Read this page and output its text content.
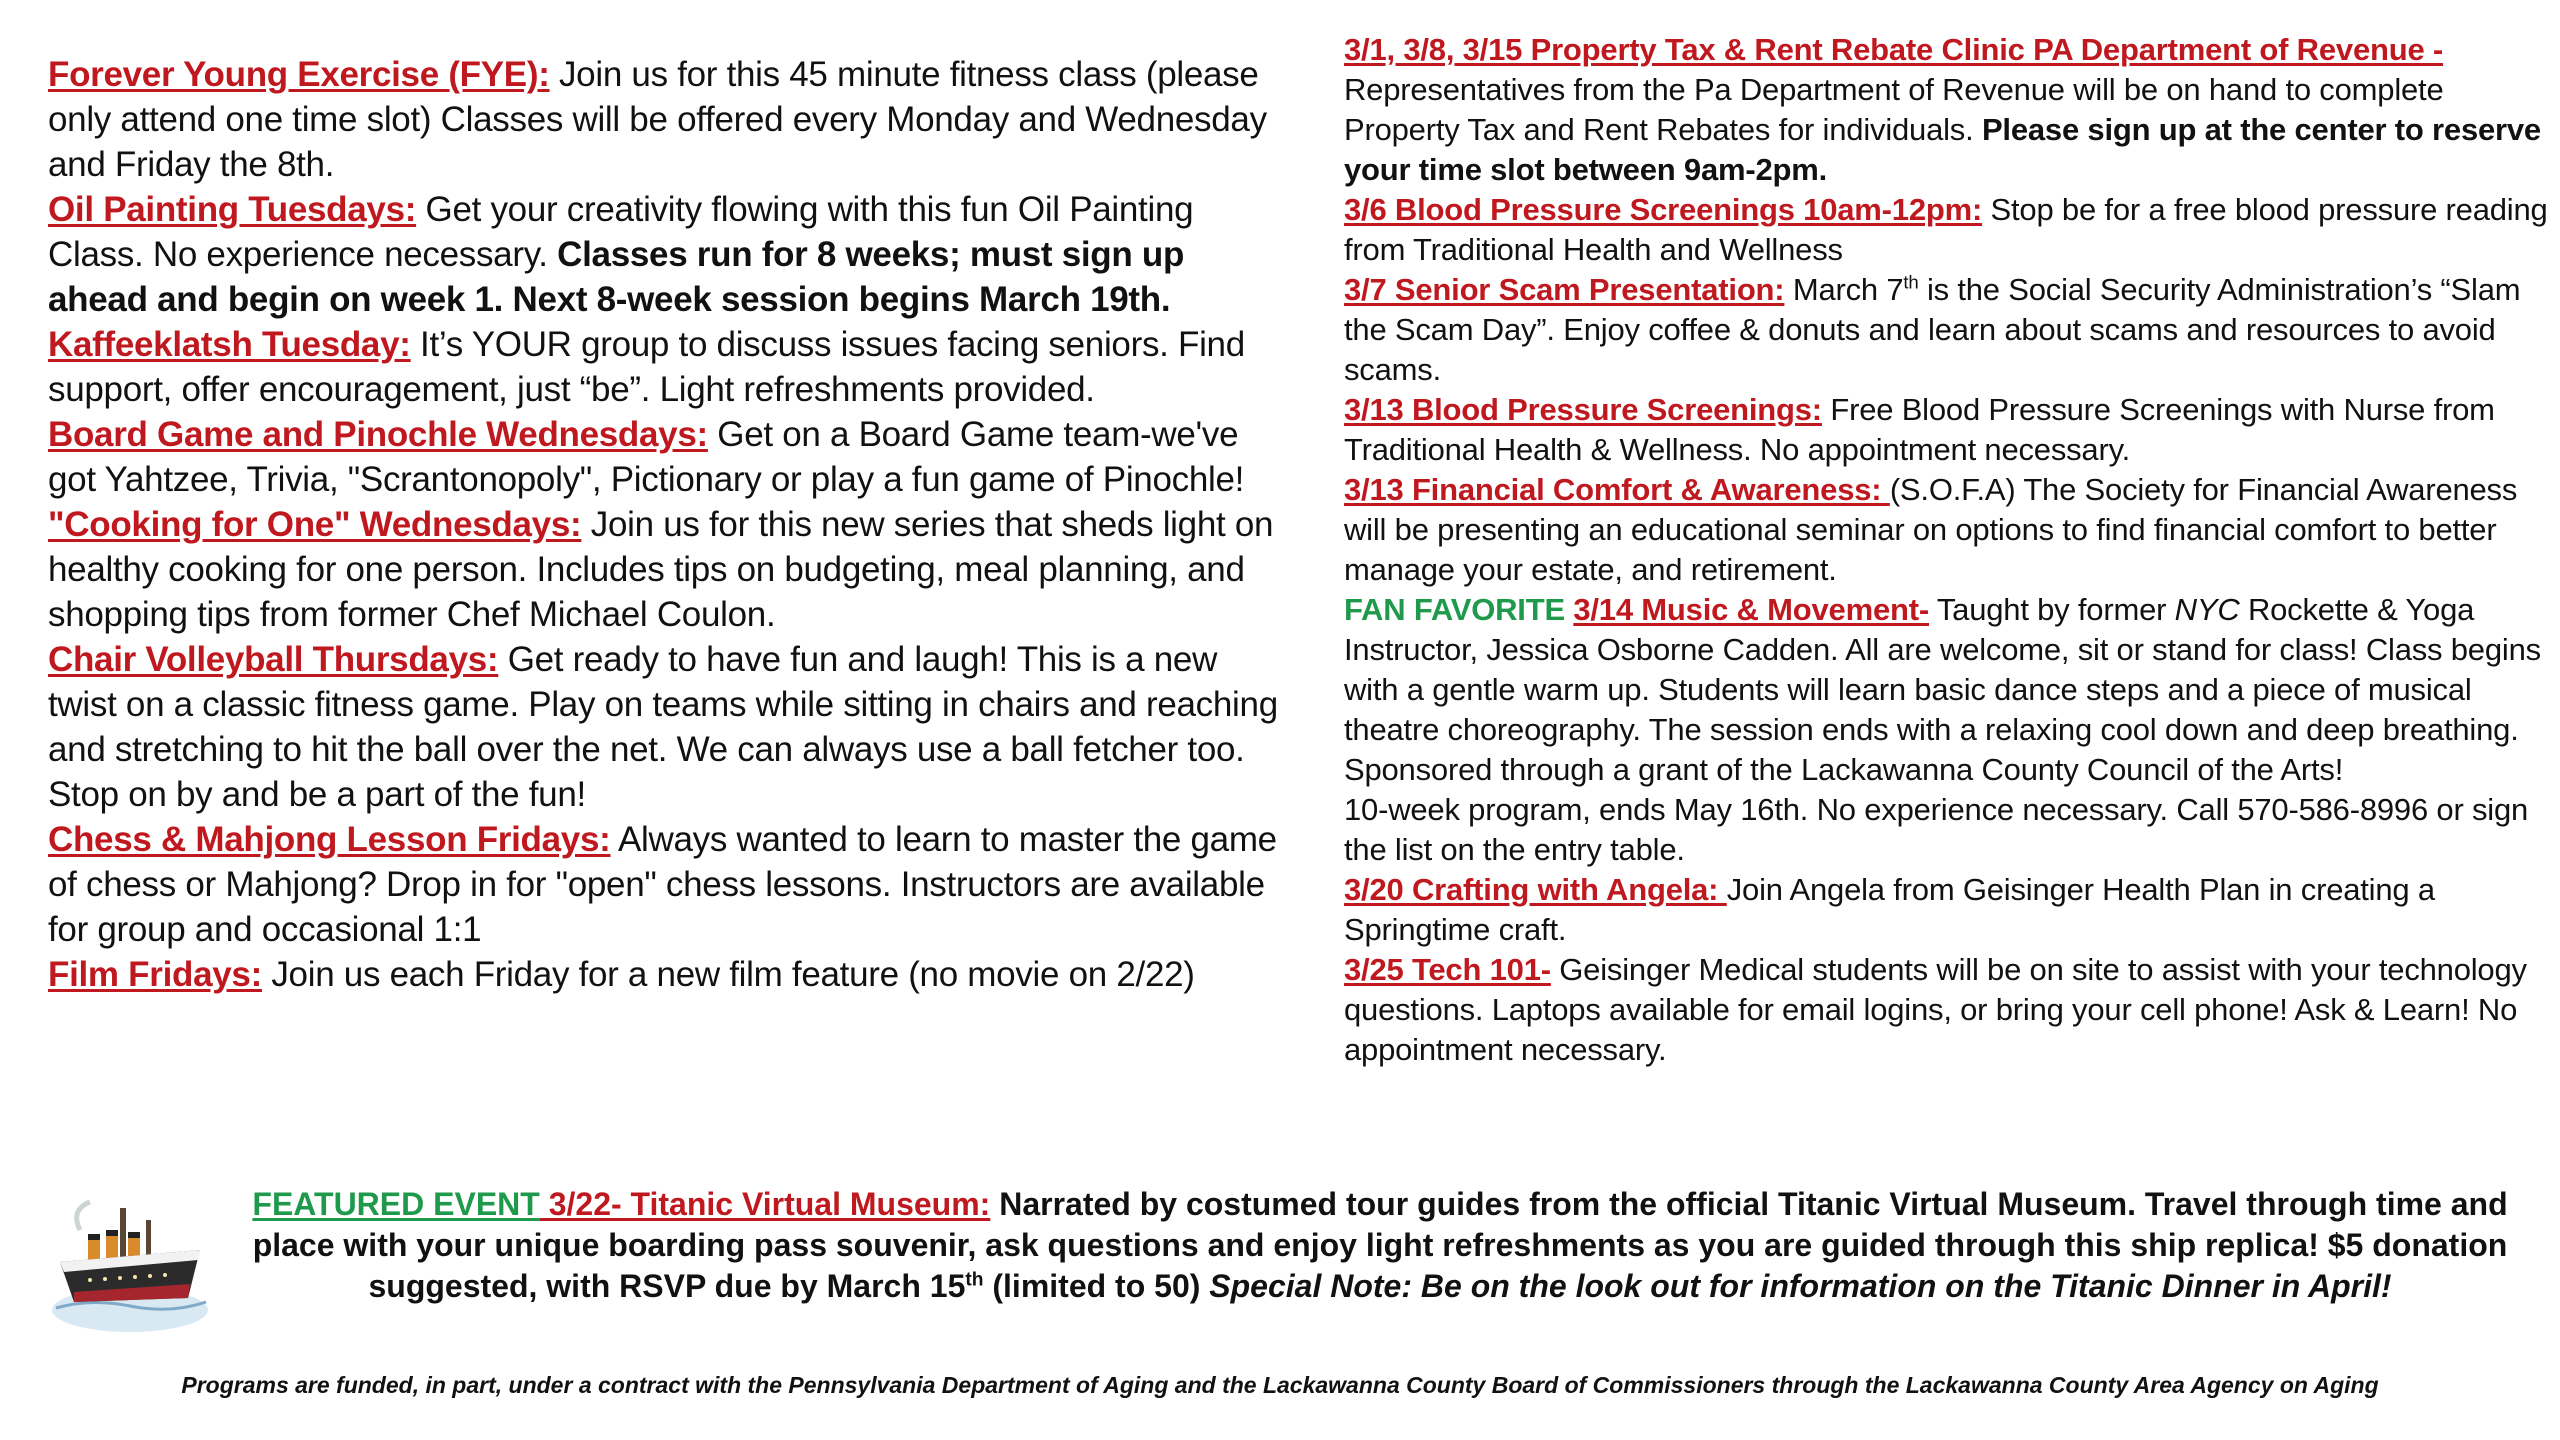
Forever Young Exercise (FYE): Join us for this 45 minute fitness class (please only attend one time slot) Classes will be offered every Monday and Wednesday and Friday the 8th.

Oil Painting Tuesdays: Get your creativity flowing with this fun Oil Painting Class. No experience necessary. Classes run for 8 weeks; must sign up ahead and begin on week 1. Next 8-week session begins March 19th.

Kaffeeklatsh Tuesday: It’s YOUR group to discuss issues facing seniors. Find support, offer encouragement, just “be”. Light refreshments provided.

Board Game and Pinochle Wednesdays: Get on a Board Game team-we've got Yahtzee, Trivia, "Scrantonopoly", Pictionary or play a fun game of Pinochle!

"Cooking for One" Wednesdays: Join us for this new series that sheds light on healthy cooking for one person. Includes tips on budgeting, meal planning, and shopping tips from former Chef Michael Coulon.

Chair Volleyball Thursdays: Get ready to have fun and laugh! This is a new twist on a classic fitness game. Play on teams while sitting in chairs and reaching and stretching to hit the ball over the net. We can always use a ball fetcher too. Stop on by and be a part of the fun!

Chess & Mahjong Lesson Fridays: Always wanted to learn to master the game of chess or Mahjong? Drop in for "open" chess lessons. Instructors are available for group and occasional 1:1

Film Fridays: Join us each Friday for a new film feature (no movie on 2/22)

3/1, 3/8, 3/15 Property Tax & Rent Rebate Clinic PA Department of Revenue - Representatives from the Pa Department of Revenue will be on hand to complete Property Tax and Rent Rebates for individuals. Please sign up at the center to reserve your time slot between 9am-2pm.

3/6 Blood Pressure Screenings 10am-12pm: Stop be for a free blood pressure reading from Traditional Health and Wellness

3/7 Senior Scam Presentation: March 7th is the Social Security Administration’s “Slam the Scam Day”. Enjoy coffee & donuts and learn about scams and resources to avoid scams.

3/13 Blood Pressure Screenings: Free Blood Pressure Screenings with Nurse from Traditional Health & Wellness. No appointment necessary.

3/13 Financial Comfort & Awareness: (S.O.F.A) The Society for Financial Awareness will be presenting an educational seminar on options to find financial comfort to better manage your estate, and retirement.

FAN FAVORITE 3/14 Music & Movement- Taught by former NYC Rockette & Yoga Instructor, Jessica Osborne Cadden. All are welcome, sit or stand for class! Class begins with a gentle warm up. Students will learn basic dance steps and a piece of musical theatre choreography. The session ends with a relaxing cool down and deep breathing. Sponsored through a grant of the Lackawanna County Council of the Arts!

10-week program, ends May 16th. No experience necessary. Call 570-586-8996 or sign the list on the entry table.

3/20 Crafting with Angela: Join Angela from Geisinger Health Plan in creating a Springtime craft.

3/25 Tech 101- Geisinger Medical students will be on site to assist with your technology questions. Laptops available for email logins, or bring your cell phone! Ask & Learn! No appointment necessary.

FEATURED EVENT 3/22- Titanic Virtual Museum: Narrated by costumed tour guides from the official Titanic Virtual Museum. Travel through time and place with your unique boarding pass souvenir, ask questions and enjoy light refreshments as you are guided through this ship replica! $5 donation suggested, with RSVP due by March 15th (limited to 50) Special Note: Be on the look out for information on the Titanic Dinner in April!
Programs are funded, in part, under a contract with the Pennsylvania Department of Aging and the Lackawanna County Board of Commissioners through the Lackawanna County Area Agency on Aging
